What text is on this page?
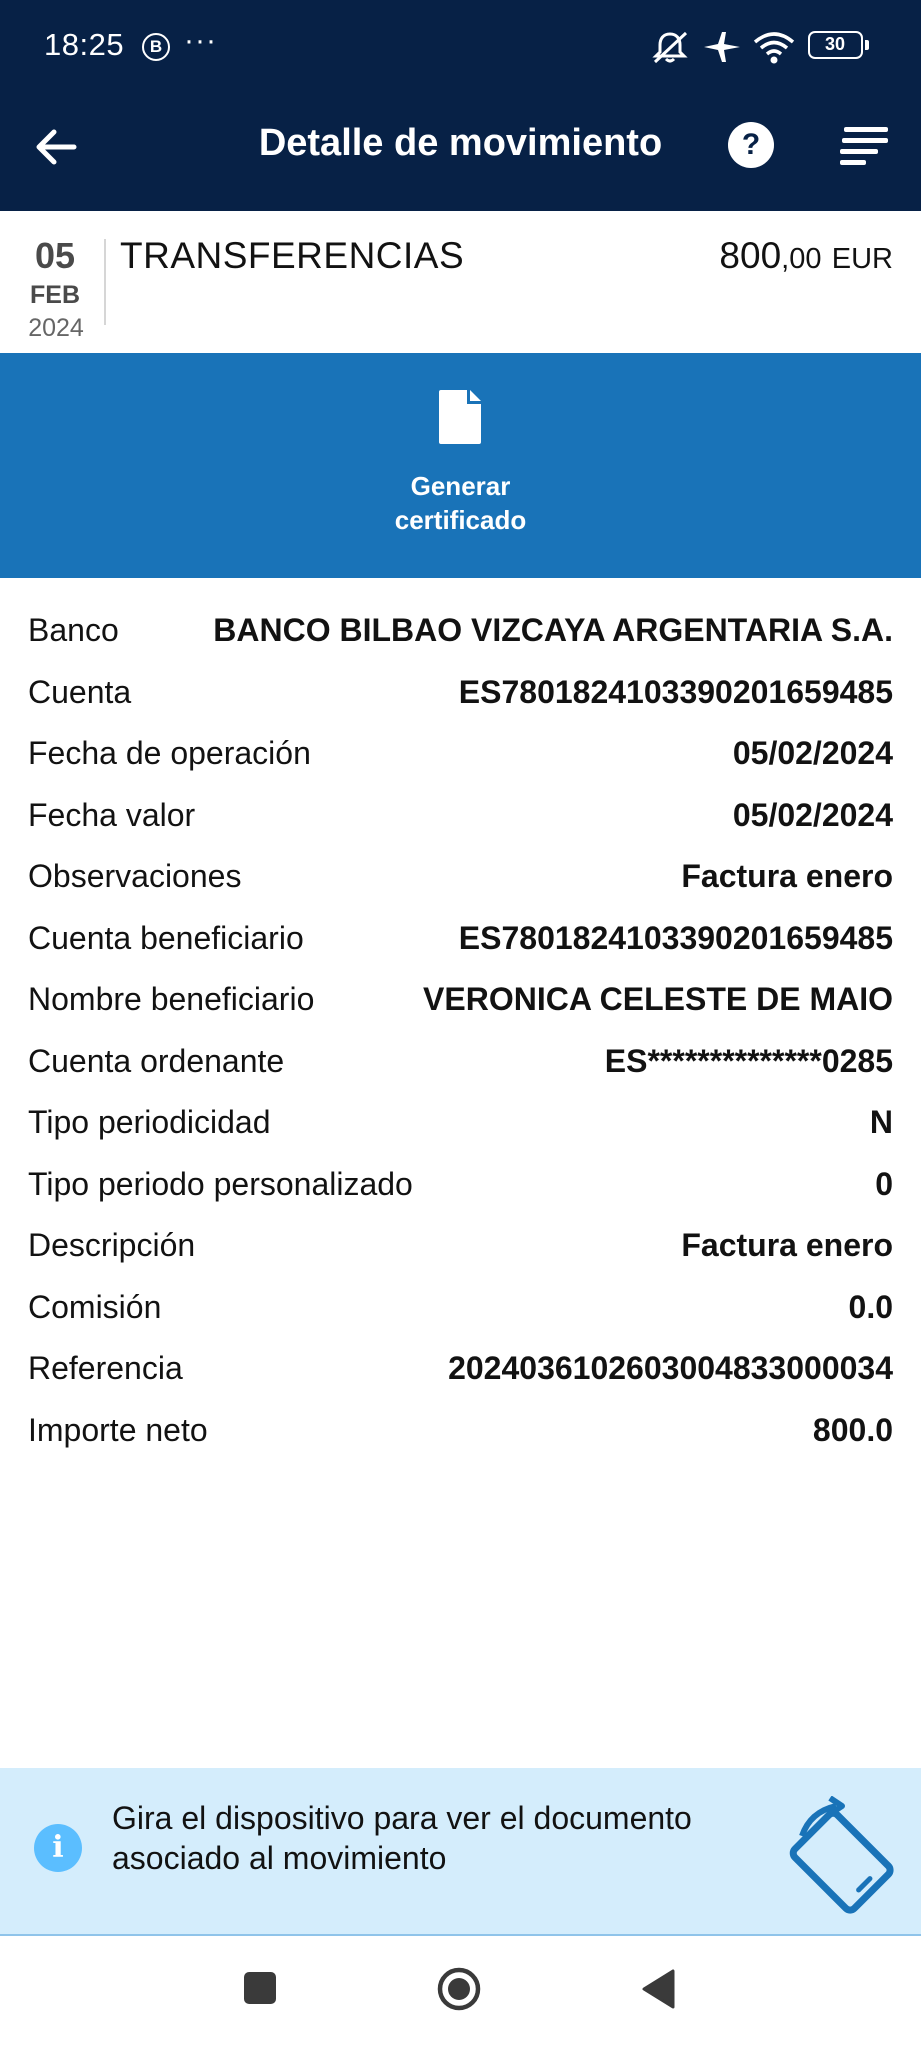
18:25	B ···	30
Detalle de movimiento	?
05
FEB
2024
TRANSFERENCIAS	800,00 EUR
Generar
certificado
Banco	BANCO BILBAO VIZCAYA ARGENTARIA S.A.
Cuenta	ES7801824103390201659485
Fecha de operación	05/02/2024
Fecha valor	05/02/2024
Observaciones	Factura enero
Cuenta beneficiario	ES7801824103390201659485
Nombre beneficiario	VERONICA CELESTE DE MAIO
Cuenta ordenante	ES**************0285
Tipo periodicidad	N
Tipo periodo personalizado	0
Descripción	Factura enero
Comisión	0.0
Referencia	2024036102603004833000034
Importe neto	800.0
i
Gira el dispositivo para ver el documento
asociado al movimiento
